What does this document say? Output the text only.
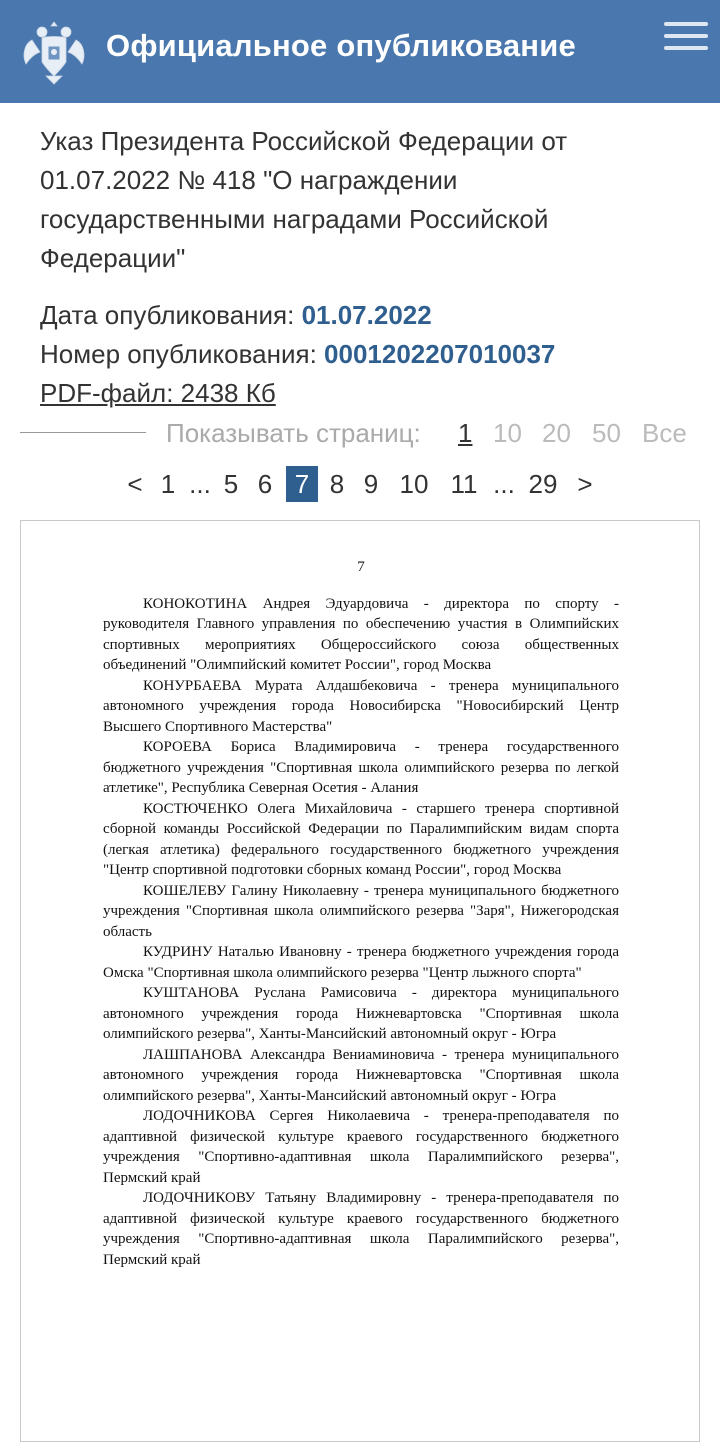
Официальное опубликование
Указ Президента Российской Федерации от 01.07.2022 № 418 "О награждении государственными наградами Российской Федерации"
Дата опубликования: 01.07.2022
Номер опубликования: 0001202207010037
PDF-файл: 2438 Кб
Показывать страниц: 1 10 20 50 Все
< 1 ... 5 6 7 8 9 10 11 ... 29 >
7

КОНОКОТИНА Андрея Эдуардовича - директора по спорту - руководителя Главного управления по обеспечению участия в Олимпийских спортивных мероприятиях Общероссийского союза общественных объединений "Олимпийский комитет России", город Москва

КОНУРБАЕВА Мурата Алдашбековича - тренера муниципального автономного учреждения города Новосибирска "Новосибирский Центр Высшего Спортивного Мастерства"

КОРОЕВА Бориса Владимировича - тренера государственного бюджетного учреждения "Спортивная школа олимпийского резерва по легкой атлетике", Республика Северная Осетия - Алания

КОСТЮЧЕНКО Олега Михайловича - старшего тренера спортивной сборной команды Российской Федерации по Паралимпийским видам спорта (легкая атлетика) федерального государственного бюджетного учреждения "Центр спортивной подготовки сборных команд России", город Москва

КОШЕЛЕВУ Галину Николаевну - тренера муниципального бюджетного учреждения "Спортивная школа олимпийского резерва "Заря", Нижегородская область

КУДРИНУ Наталью Ивановну - тренера бюджетного учреждения города Омска "Спортивная школа олимпийского резерва "Центр лыжного спорта"

КУШТАНОВА Руслана Рамисовича - директора муниципального автономного учреждения города Нижневартовска "Спортивная школа олимпийского резерва", Ханты-Мансийский автономный округ - Югра

ЛАШПАНОВА Александра Вениаминовича - тренера муниципального автономного учреждения города Нижневартовска "Спортивная школа олимпийского резерва", Ханты-Мансийский автономный округ - Югра

ЛОДОЧНИКОВА Сергея Николаевича - тренера-преподавателя по адаптивной физической культуре краевого государственного бюджетного учреждения "Спортивно-адаптивная школа Паралимпийского резерва", Пермский край

ЛОДОЧНИКОВУ Татьяну Владимировну - тренера-преподавателя по адаптивной физической культуре краевого государственного бюджетного учреждения "Спортивно-адаптивная школа Паралимпийского резерва", Пермский край
